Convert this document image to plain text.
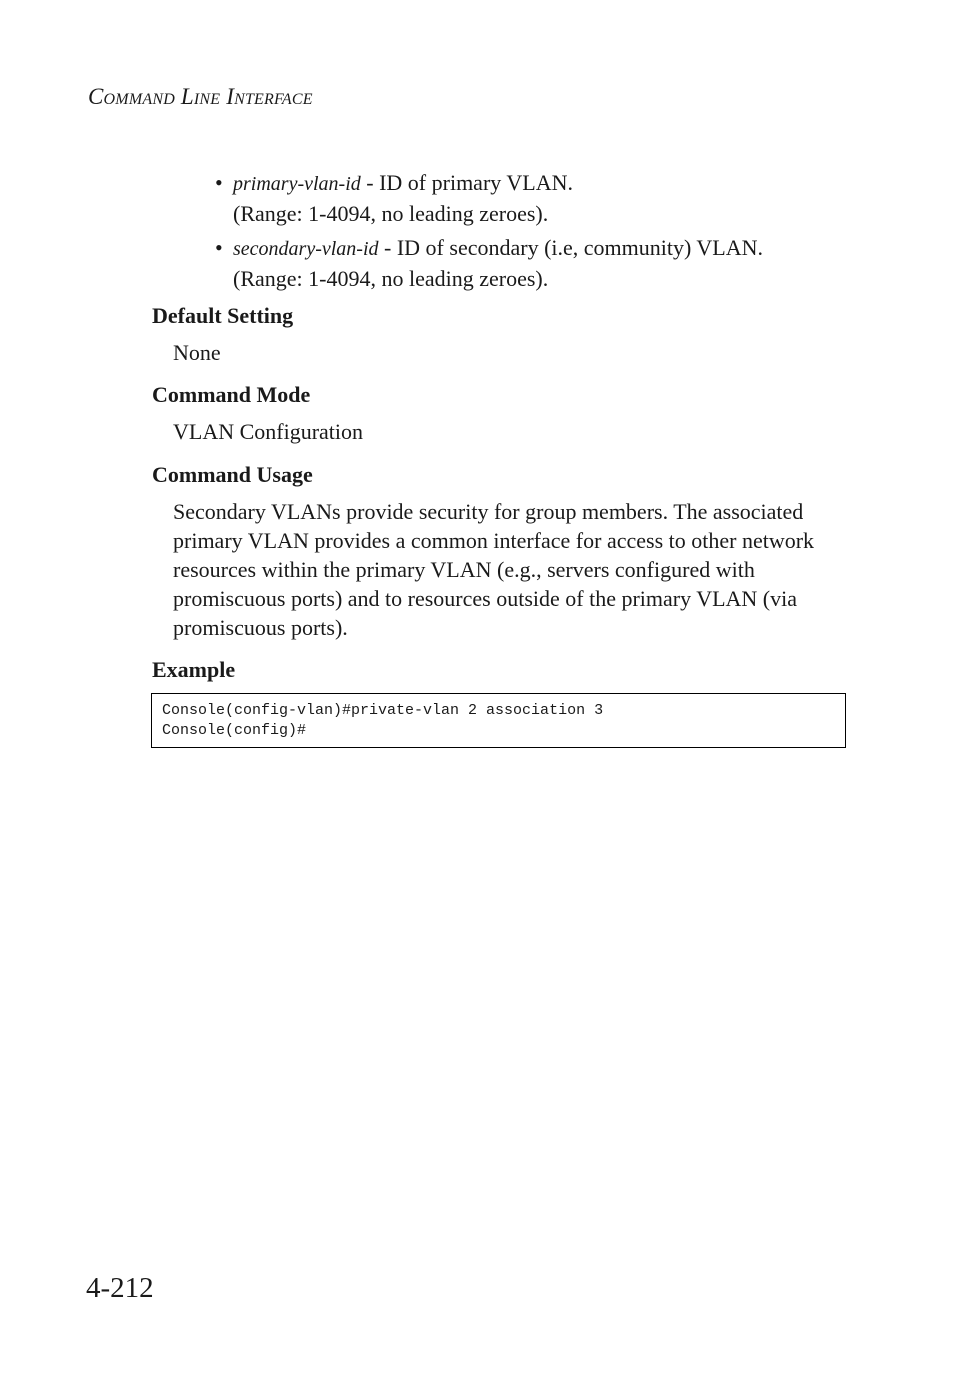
Command Line Interface
• primary-vlan-id - ID of primary VLAN.
(Range: 1-4094, no leading zeroes).
• secondary-vlan-id - ID of secondary (i.e, community) VLAN.
(Range: 1-4094, no leading zeroes).
Default Setting
None
Command Mode
VLAN Configuration
Command Usage
Secondary VLANs provide security for group members. The associated primary VLAN provides a common interface for access to other network resources within the primary VLAN (e.g., servers configured with promiscuous ports) and to resources outside of the primary VLAN (via promiscuous ports).
Example
Console(config-vlan)#private-vlan 2 association 3
Console(config)#
4-212
